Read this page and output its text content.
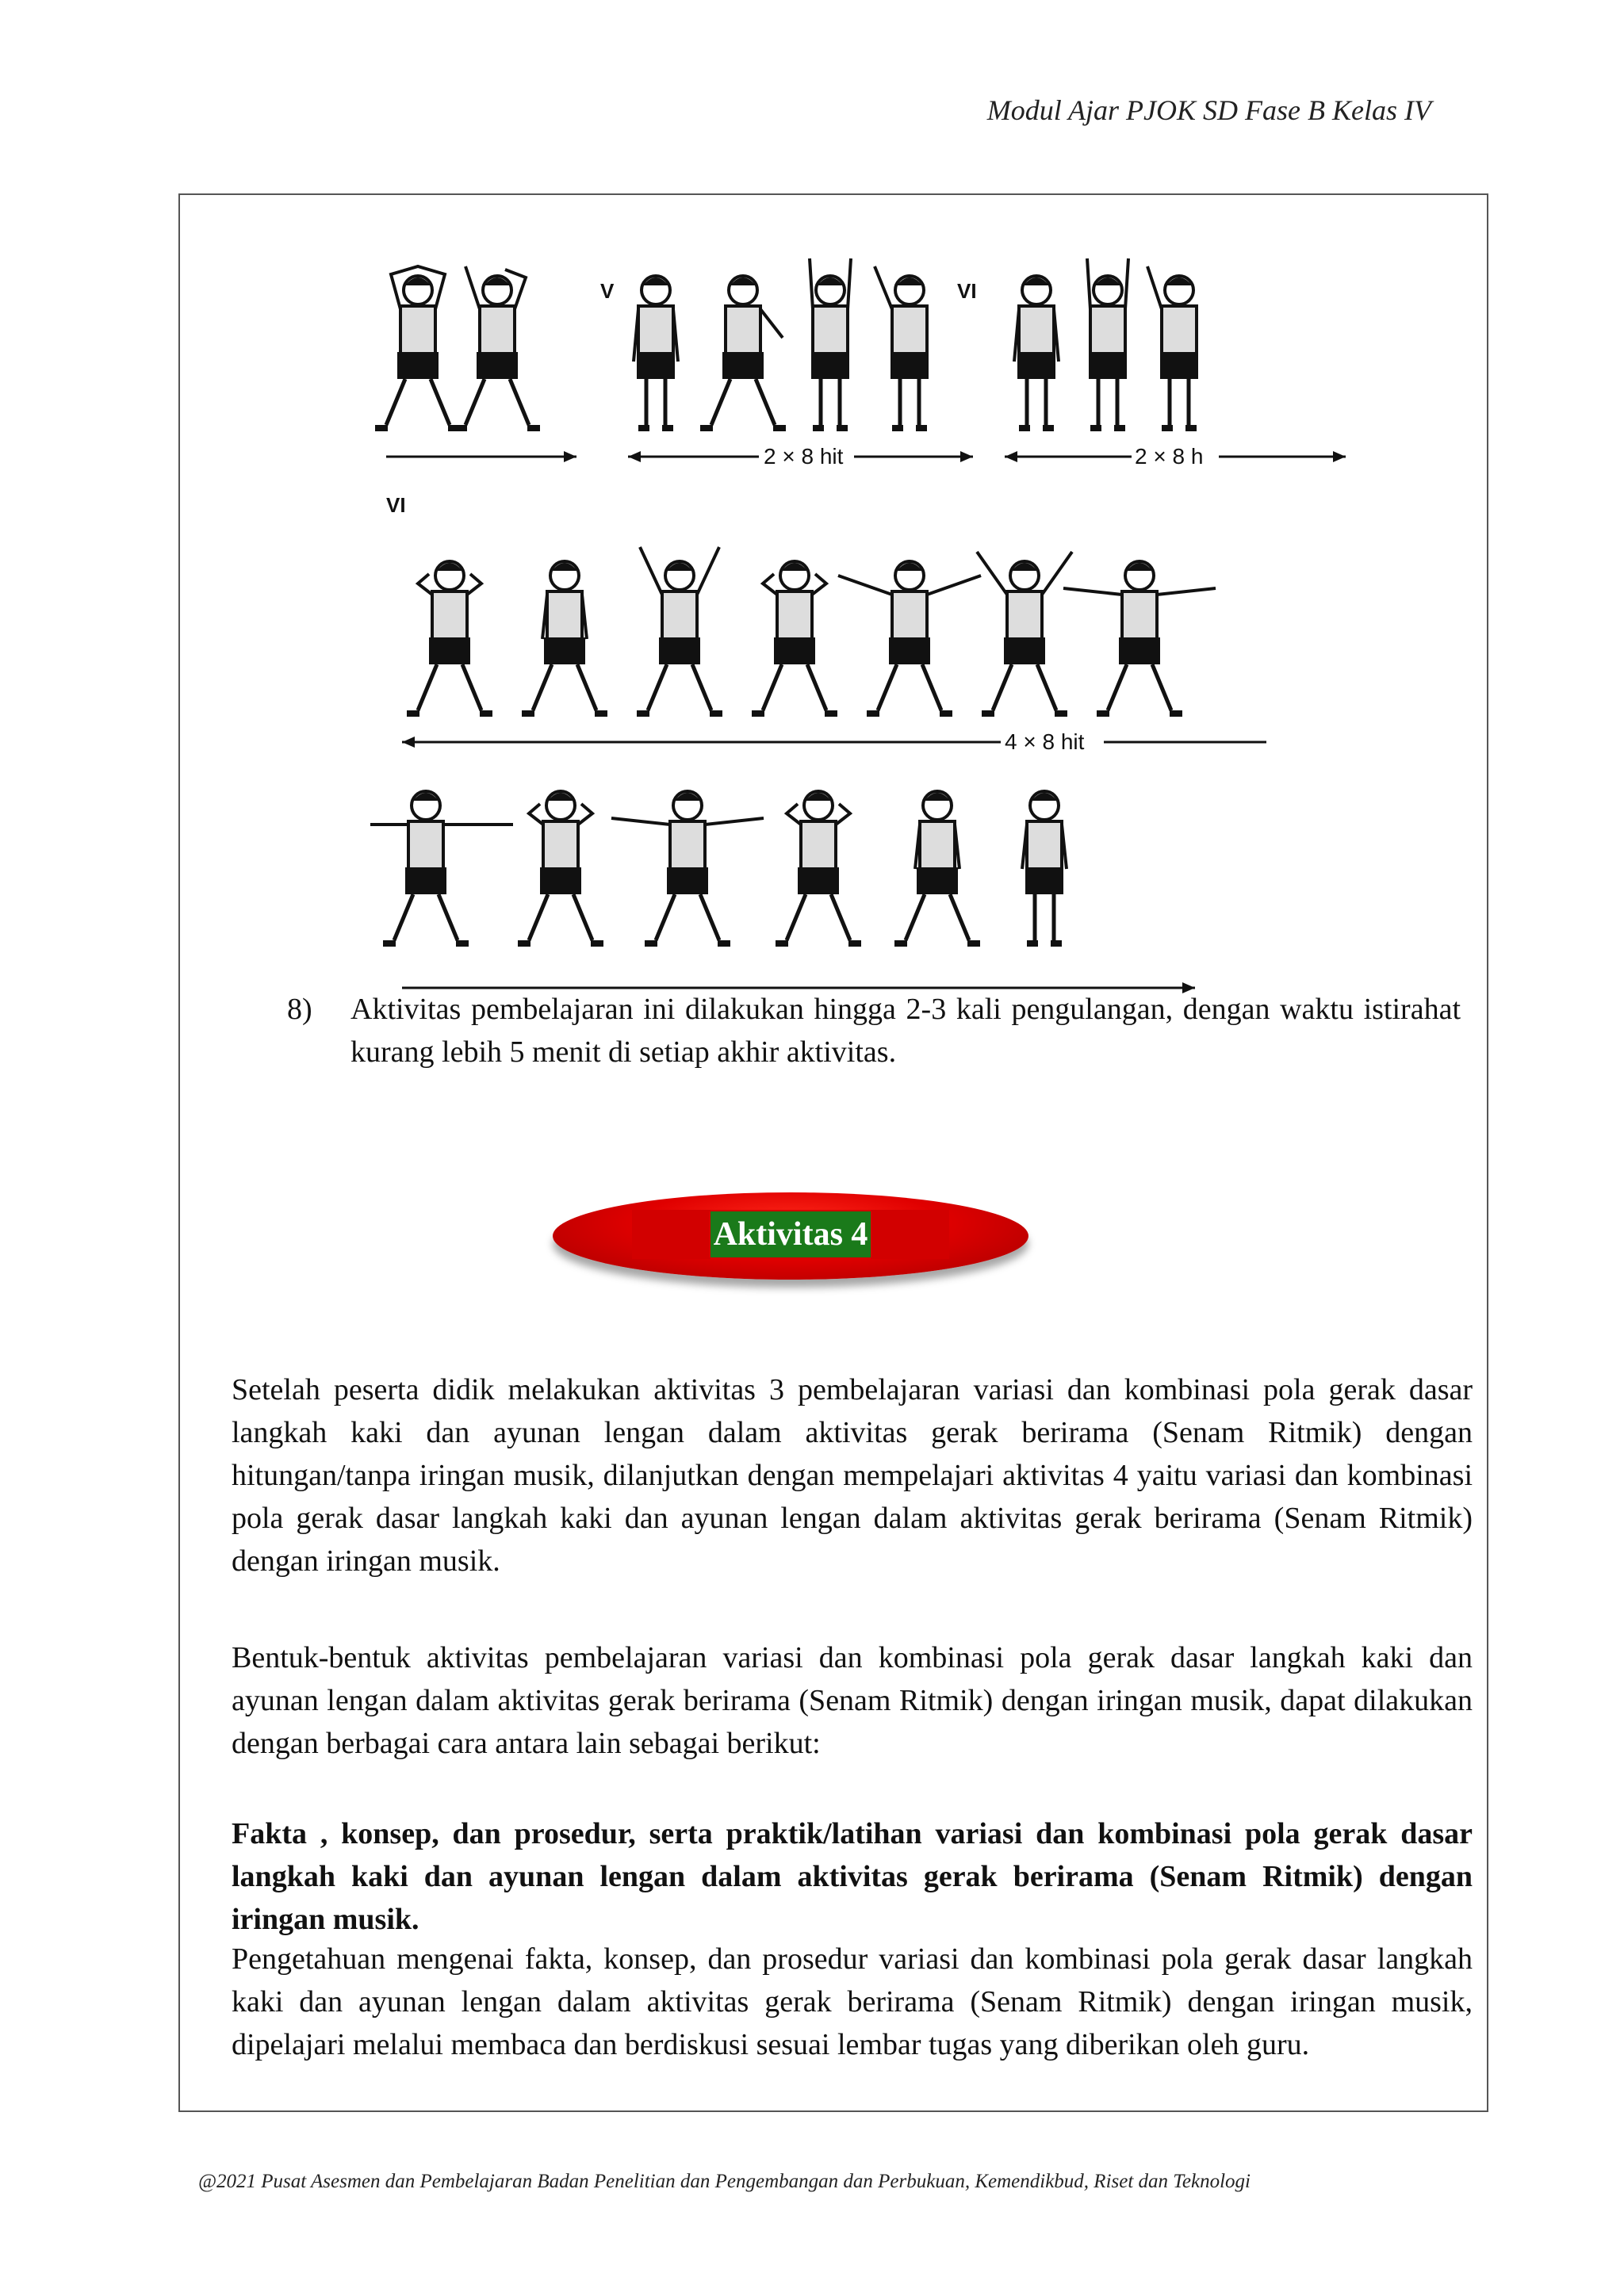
Modul Ajar PJOK SD Fase B Kelas IV
V	VI
2 × 8 hit	2 × 8 h
VI
4 × 8 hit
8)	Aktivitas pembelajaran ini dilakukan hingga 2-3 kali pengulangan, dengan waktu istirahat kurang lebih 5 menit di setiap akhir aktivitas.
Aktivitas 4
Setelah peserta didik melakukan aktivitas 3 pembelajaran variasi dan kombinasi pola gerak dasar langkah kaki dan ayunan lengan dalam aktivitas gerak berirama (Senam Ritmik) dengan hitungan/tanpa iringan musik, dilanjutkan dengan mempelajari aktivitas 4 yaitu variasi dan kombinasi pola gerak dasar langkah kaki dan ayunan lengan dalam aktivitas gerak berirama (Senam Ritmik) dengan iringan musik.
Bentuk-bentuk aktivitas pembelajaran variasi dan kombinasi pola gerak dasar langkah kaki dan ayunan lengan dalam aktivitas gerak berirama (Senam Ritmik) dengan iringan musik, dapat dilakukan dengan berbagai cara antara lain sebagai berikut:
Fakta , konsep, dan prosedur, serta praktik/latihan variasi dan kombinasi pola gerak dasar langkah kaki dan ayunan lengan dalam aktivitas gerak berirama (Senam Ritmik) dengan iringan musik.
Pengetahuan mengenai fakta, konsep, dan prosedur variasi dan kombinasi pola gerak dasar langkah kaki dan ayunan lengan dalam aktivitas gerak berirama (Senam Ritmik) dengan iringan musik, dipelajari melalui membaca dan berdiskusi sesuai lembar tugas yang diberikan oleh guru.
@2021 Pusat Asesmen dan Pembelajaran Badan Penelitian dan Pengembangan dan Perbukuan, Kemendikbud, Riset dan Teknologi
